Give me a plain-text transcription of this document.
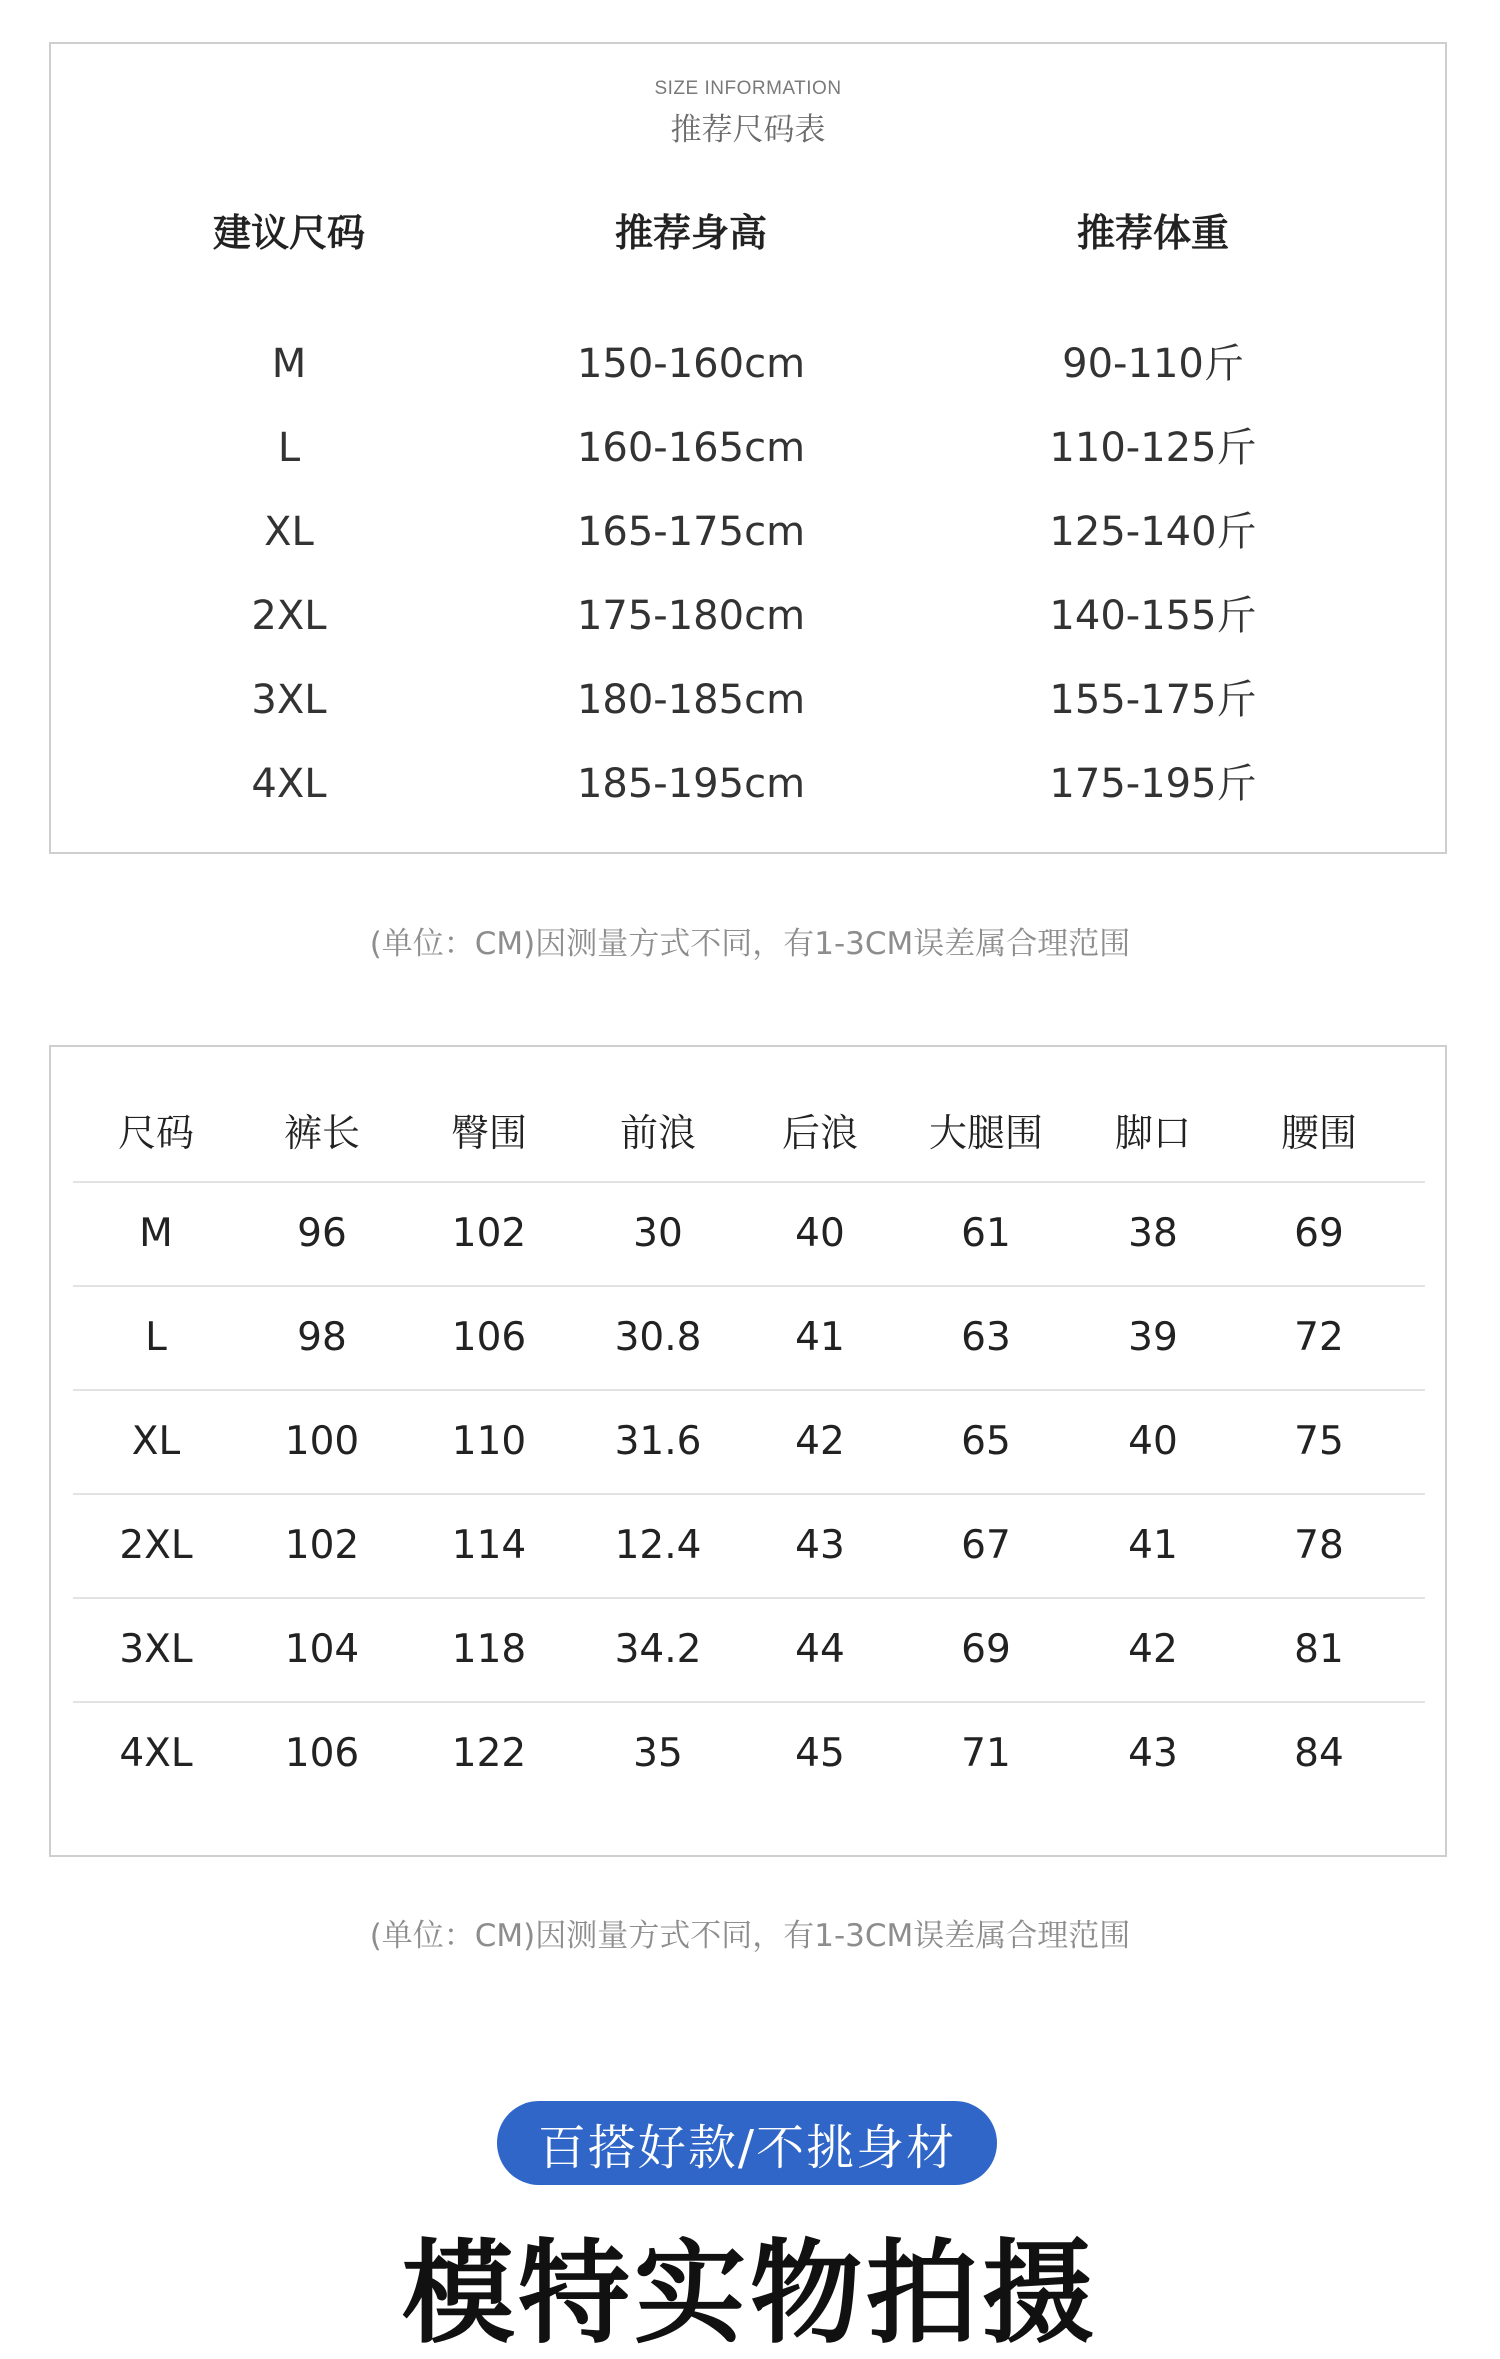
SIZE INFORMATION
推荐尺码表
建议尺码	推荐身高	推荐体重
M	150-160cm	90-110斤
L	160-165cm	110-125斤
XL	165-175cm	125-140斤
2XL	175-180cm	140-155斤
3XL	180-185cm	155-175斤
4XL	185-195cm	175-195斤
(单位：CM)因测量方式不同，有1-3CM误差属合理范围
尺码	裤长	臀围	前浪	后浪	大腿围	脚口	腰围
M	96	102	30	40	61	38	69
L	98	106	30.8	41	63	39	72
XL	100	110	31.6	42	65	40	75
2XL	102	114	12.4	43	67	41	78
3XL	104	118	34.2	44	69	42	81
4XL	106	122	35	45	71	43	84
(单位：CM)因测量方式不同，有1-3CM误差属合理范围
百搭好款/不挑身材
模特实物拍摄
